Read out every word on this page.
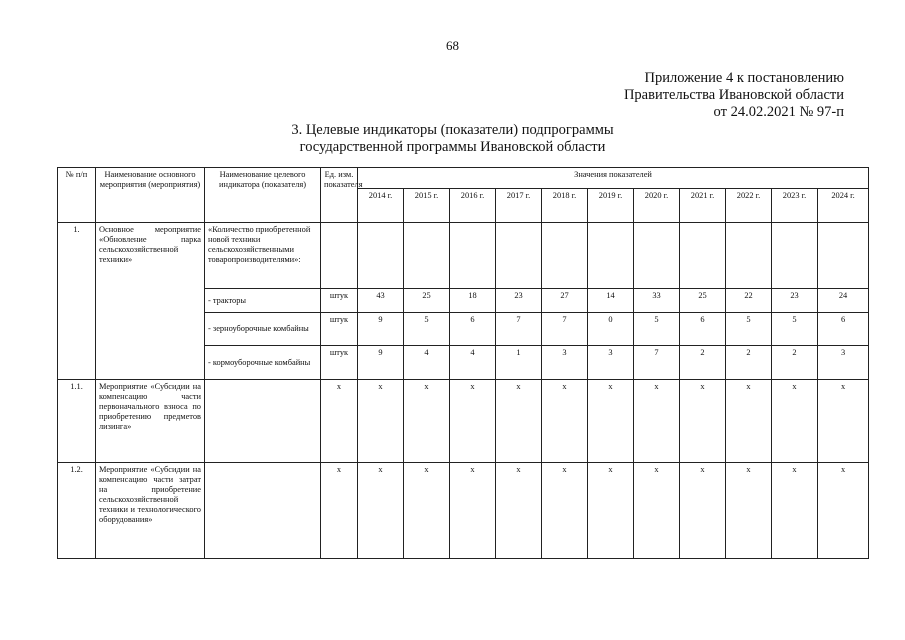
68
Приложение 4 к постановлению
Правительства Ивановской области
от 24.02.2021 № 97-п
3. Целевые индикаторы (показатели) подпрограммы
государственной программы Ивановской области
№ п/п	Наименование основного мероприятия (мероприятия)	Наименование целевого индикатора (показателя)	Ед. изм. показателя	Значения показателей										
				2014 г.	2015 г.	2016 г.	2017 г.	2018 г.	2019 г.	2020 г.	2021 г.	2022 г.	2023 г.	2024 г.
1.	Основное мероприятие «Обновление парка сельскохозяйственной техники»	«Количество приобретенной новой техники сельскохозяйственными товаропроизводителями»:												
		- тракторы	штук	43	25	18	23	27	14	33	25	22	23	24
		- зерноуборочные комбайны	штук	9	5	6	7	7	0	5	6	5	5	6
		- кормоуборочные комбайны	штук	9	4	4	1	3	3	7	2	2	2	3
1.1.	Мероприятие «Субсидии на компенсацию части первоначального взноса по приобретению предметов лизинга»		x	x	x	x	x	x	x	x	x	x	x	x
1.2.	Мероприятие «Субсидии на компенсацию части затрат на приобретение сельскохозяйственной техники и технологического оборудования»		x	x	x	x	x	x	x	x	x	x	x	x
